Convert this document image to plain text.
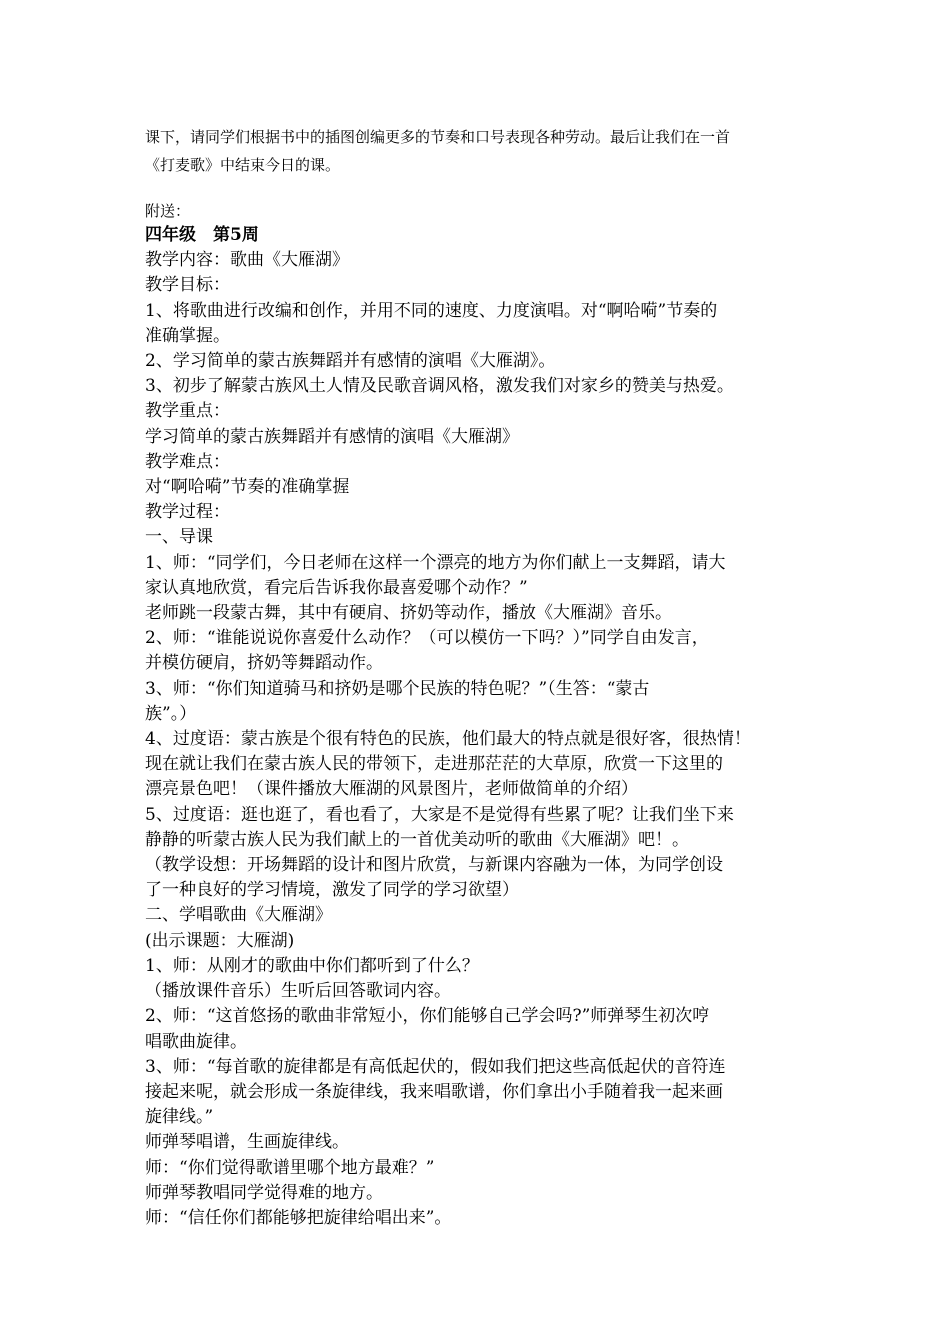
课下，请同学们根据书中的插图创编更多的节奏和口号表现各种劳动。最后让我们在一首
《打麦歌》中结束今日的课。
附送：
四年级　第5周
教学内容：歌曲《大雁湖》
教学目标：
1、将歌曲进行改编和创作，并用不同的速度、力度演唱。对“啊哈嗬”节奏的
准确掌握。
2、学习简单的蒙古族舞蹈并有感情的演唱《大雁湖》。
3、初步了解蒙古族风土人情及民歌音调风格，激发我们对家乡的赞美与热爱。
教学重点：
学习简单的蒙古族舞蹈并有感情的演唱《大雁湖》
教学难点：
对“啊哈嗬”节奏的准确掌握
教学过程：
一、导课
1、师：“同学们，今日老师在这样一个漂亮的地方为你们献上一支舞蹈，请大
家认真地欣赏，看完后告诉我你最喜爱哪个动作？”
老师跳一段蒙古舞，其中有硬肩、挤奶等动作，播放《大雁湖》音乐。
2、师：“谁能说说你喜爱什么动作？（可以模仿一下吗？）”同学自由发言，
并模仿硬肩，挤奶等舞蹈动作。
3、师：“你们知道骑马和挤奶是哪个民族的特色呢？”（生答：“蒙古
族”。）
4、过度语：蒙古族是个很有特色的民族，他们最大的特点就是很好客，很热情！
现在就让我们在蒙古族人民的带领下，走进那茫茫的大草原，欣赏一下这里的
漂亮景色吧！（课件播放大雁湖的风景图片，老师做简单的介绍）
5、过度语：逛也逛了，看也看了，大家是不是觉得有些累了呢？让我们坐下来
静静的听蒙古族人民为我们献上的一首优美动听的歌曲《大雁湖》吧！。
（教学设想：开场舞蹈的设计和图片欣赏，与新课内容融为一体，为同学创设
了一种良好的学习情境，激发了同学的学习欲望）
二、学唱歌曲《大雁湖》
(出示课题：大雁湖)
1、师：从刚才的歌曲中你们都听到了什么？
（播放课件音乐）生听后回答歌词内容。
2、师：“这首悠扬的歌曲非常短小，你们能够自己学会吗?”师弹琴生初次哼
唱歌曲旋律。
3、师：“每首歌的旋律都是有高低起伏的，假如我们把这些高低起伏的音符连
接起来呢，就会形成一条旋律线，我来唱歌谱，你们拿出小手随着我一起来画
旋律线。”
师弹琴唱谱，生画旋律线。
师：“你们觉得歌谱里哪个地方最难？”
师弹琴教唱同学觉得难的地方。
师：“信任你们都能够把旋律给唱出来”。
